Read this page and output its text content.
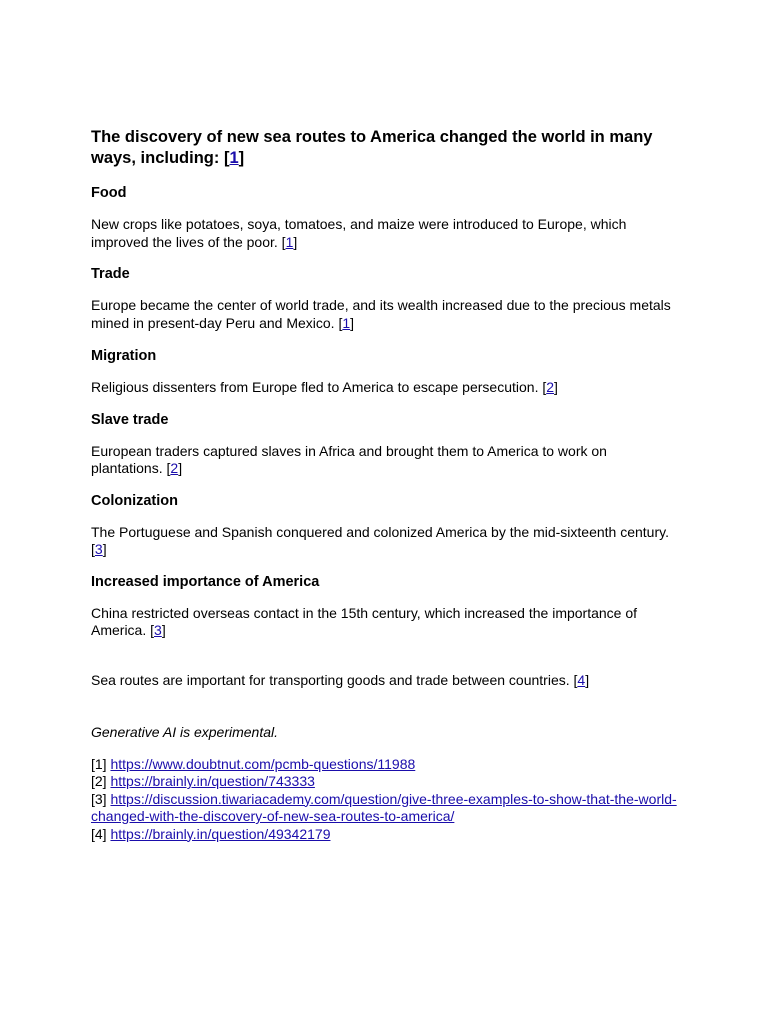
The discovery of new sea routes to America changed the world in many ways, including: [1]
Food

New crops like potatoes, soya, tomatoes, and maize were introduced to Europe, which improved the lives of the poor. [1]

Trade

Europe became the center of world trade, and its wealth increased due to the precious metals mined in present-day Peru and Mexico. [1]

Migration

Religious dissenters from Europe fled to America to escape persecution. [2]

Slave trade

European traders captured slaves in Africa and brought them to America to work on plantations. [2]

Colonization

The Portuguese and Spanish conquered and colonized America by the mid-sixteenth century. [3]

Increased importance of America

China restricted overseas contact in the 15th century, which increased the importance of America. [3]

Sea routes are important for transporting goods and trade between countries. [4]

Generative AI is experimental.

[1] https://www.doubtnut.com/pcmb-questions/11988
[2] https://brainly.in/question/743333
[3] https://discussion.tiwariacademy.com/question/give-three-examples-to-show-that-the-world-changed-with-the-discovery-of-new-sea-routes-to-america/
[4] https://brainly.in/question/49342179
